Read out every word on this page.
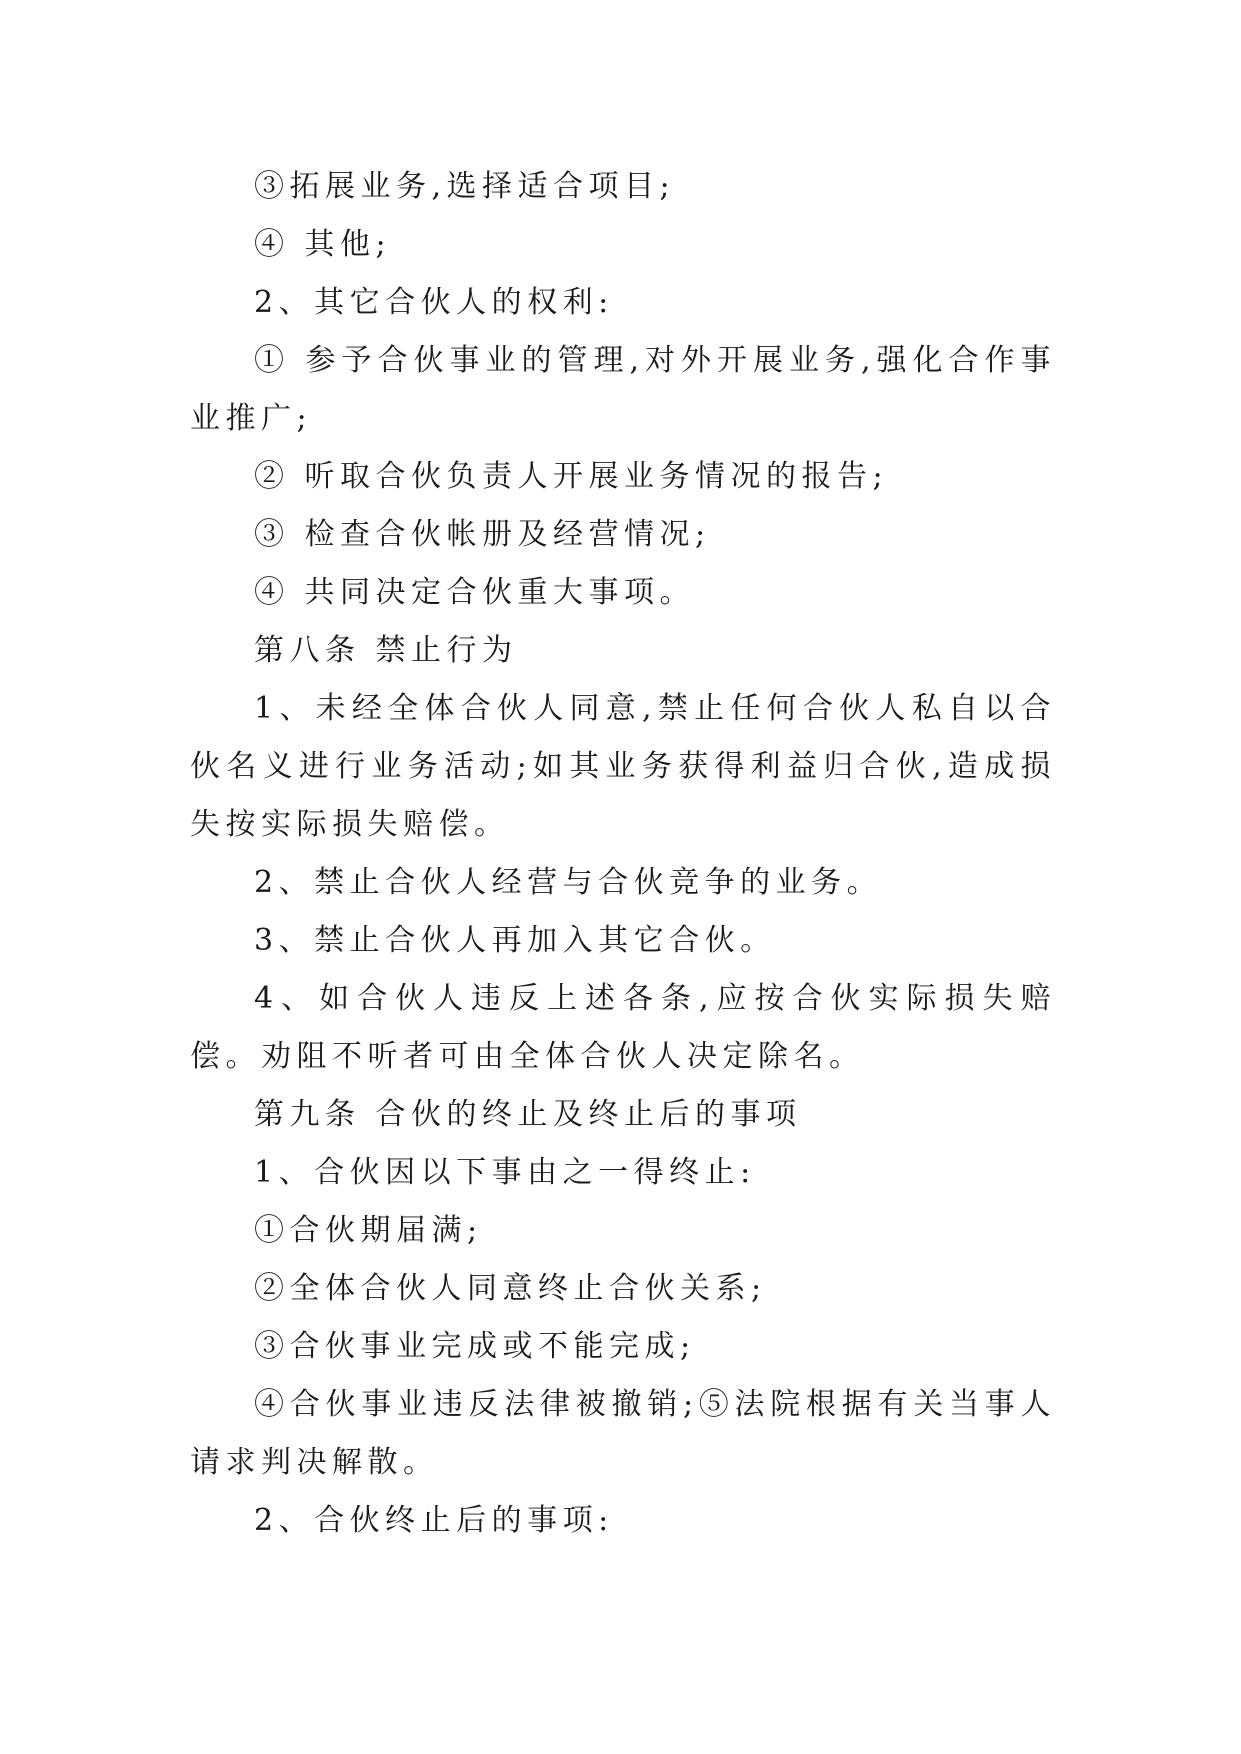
③拓展业务,选择适合项目;

④ 其他;

2、其它合伙人的权利:

① 参予合伙事业的管理,对外开展业务,强化合作事业推广;

② 听取合伙负责人开展业务情况的报告;

③ 检查合伙帐册及经营情况;

④ 共同决定合伙重大事项。

第八条 禁止行为

1、未经全体合伙人同意,禁止任何合伙人私自以合伙名义进行业务活动;如其业务获得利益归合伙,造成损失按实际损失赔偿。

2、禁止合伙人经营与合伙竞争的业务。

3、禁止合伙人再加入其它合伙。

4、如合伙人违反上述各条,应按合伙实际损失赔偿。劝阻不听者可由全体合伙人决定除名。

第九条 合伙的终止及终止后的事项

1、合伙因以下事由之一得终止:

①合伙期届满;

②全体合伙人同意终止合伙关系;

③合伙事业完成或不能完成;

④合伙事业违反法律被撤销;⑤法院根据有关当事人请求判决解散。

2、合伙终止后的事项:
